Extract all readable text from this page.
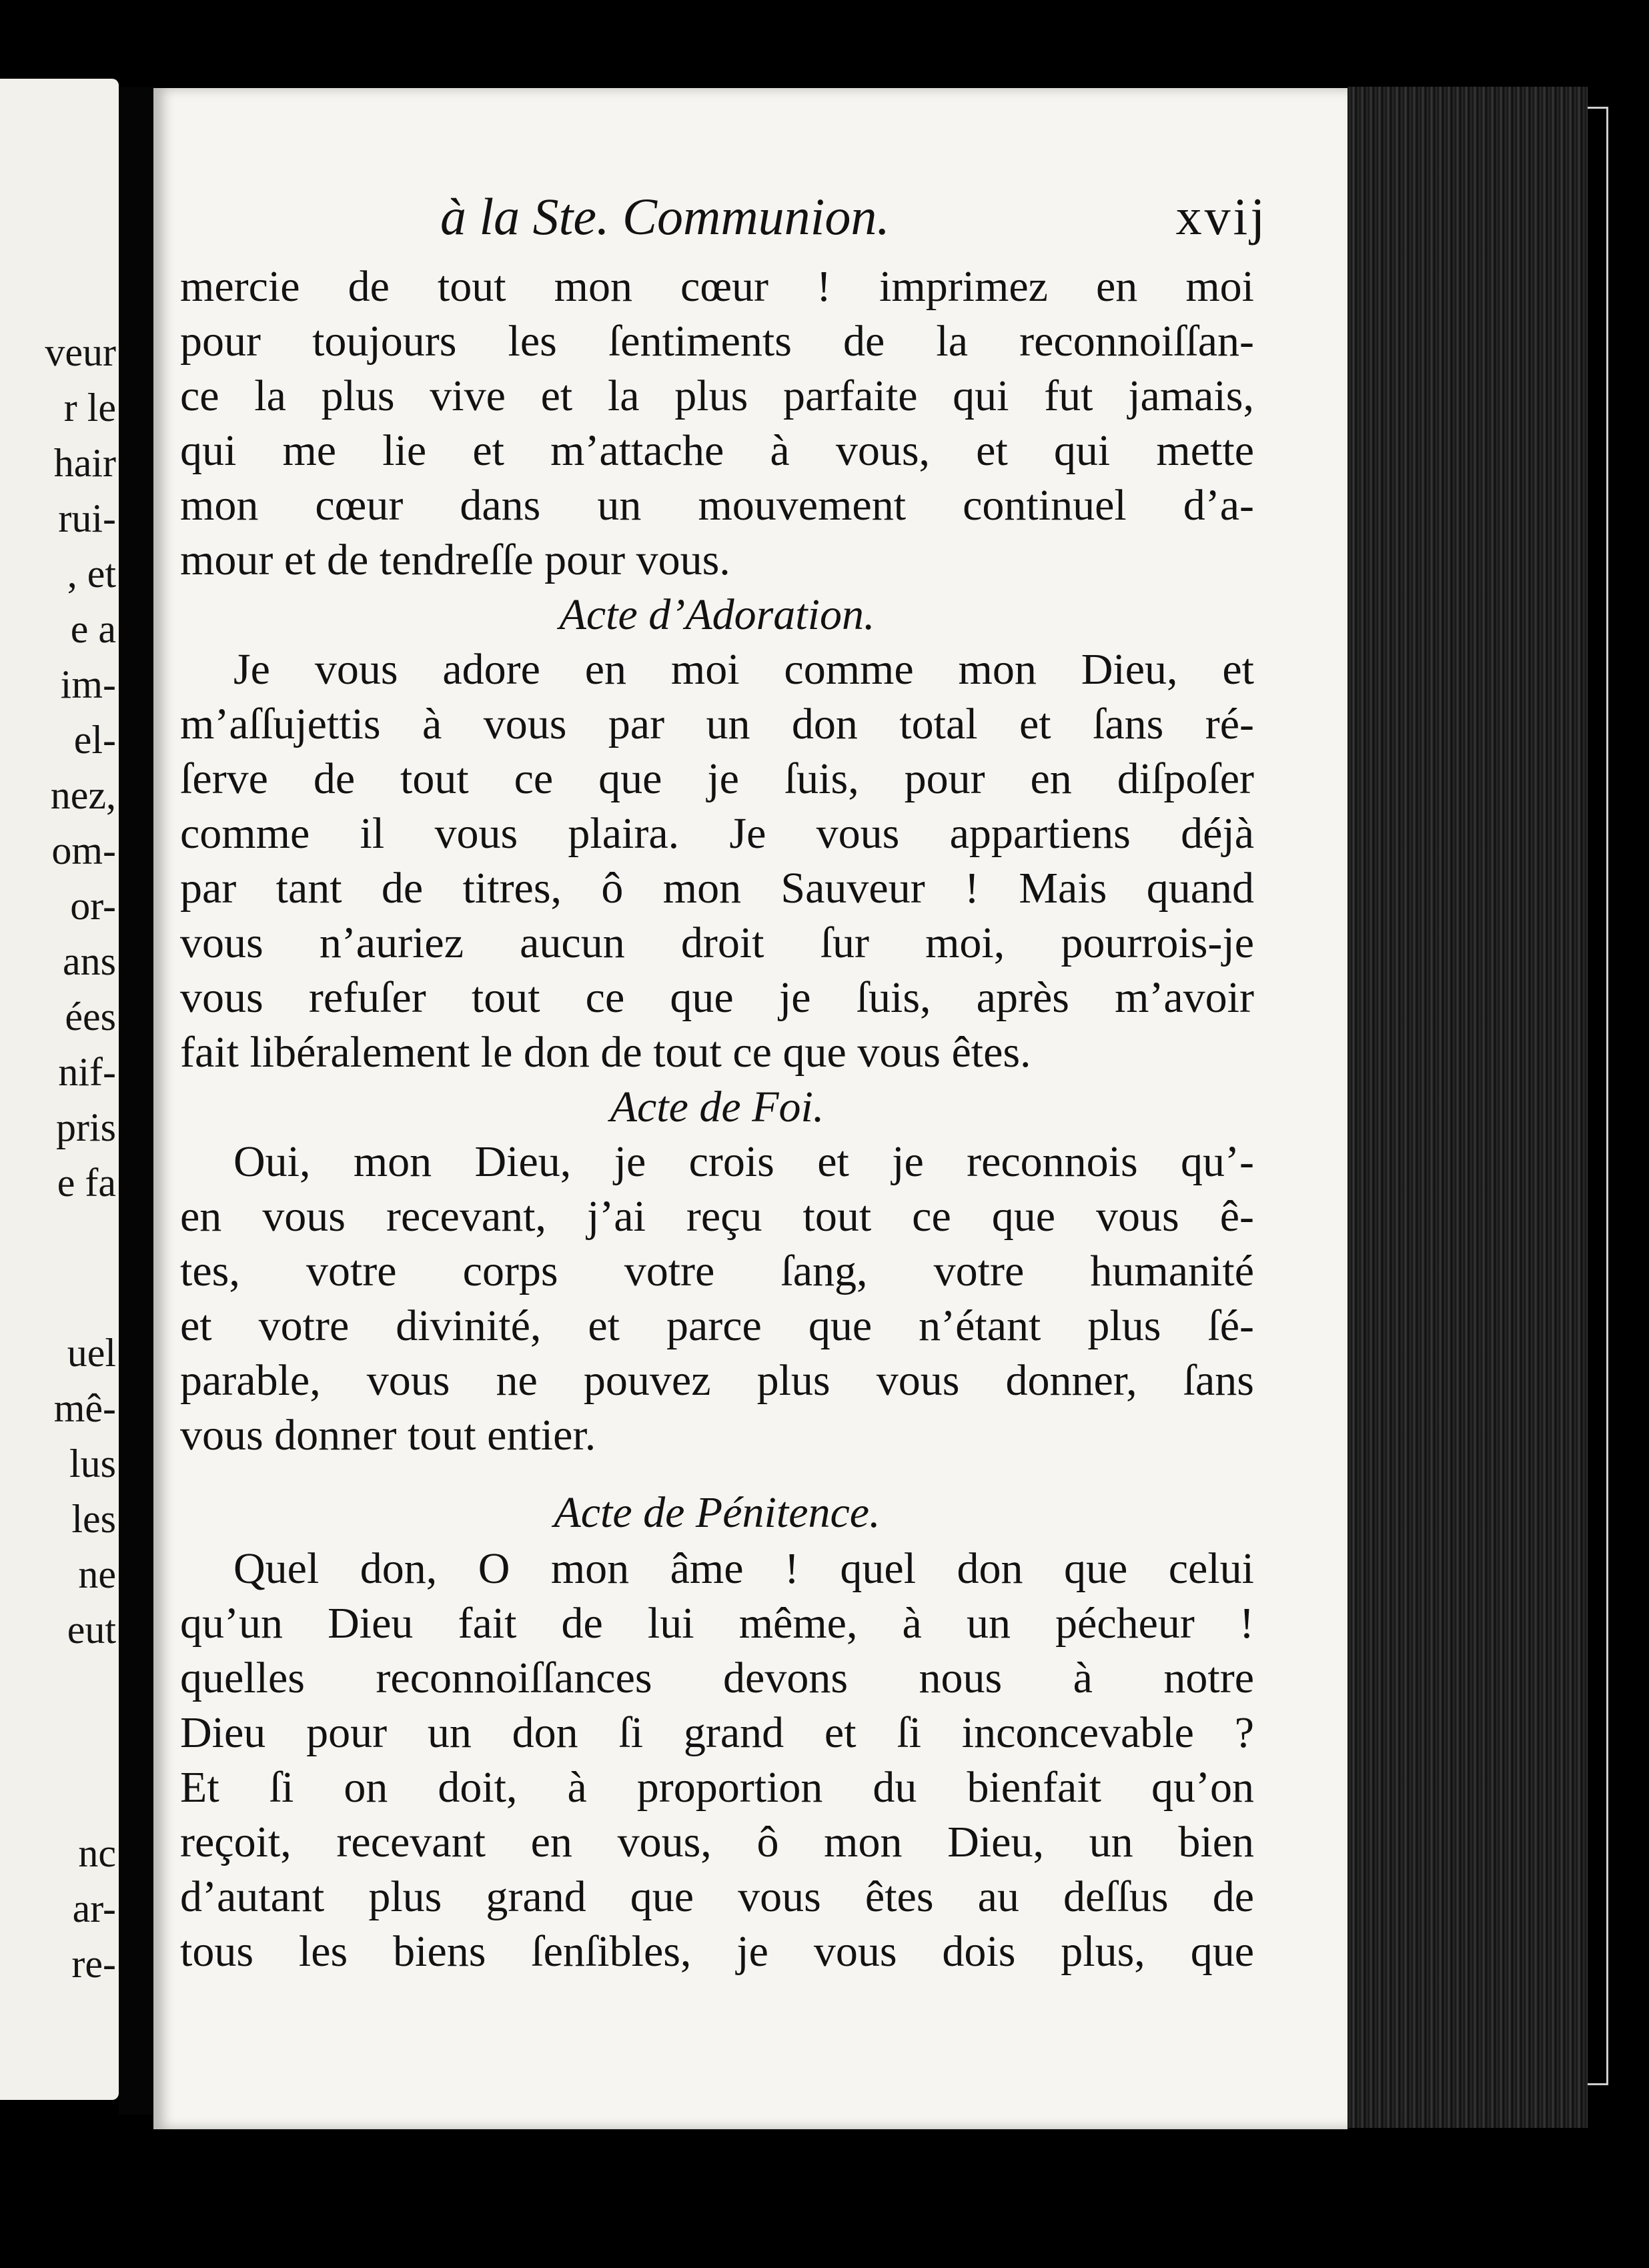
veur
r le
hair
rui-
, et
e a
im-
el-
nez,
om-
or-
ans
ées
nif-
pris
e fa
uel
mê-
lus
les
ne
eut
nc
ar-
re-
à la Ste. Communion.	xvij
mercie de tout mon cœur ! imprimez en moi
pour toujours les ſentiments de la reconnoiſſan-
ce la plus vive et la plus parfaite qui fut jamais,
qui me lie et m’attache à vous, et qui mette
mon cœur dans un mouvement continuel d’a-
mour et de tendreſſe pour vous.
Acte d’Adoration.
Je vous adore en moi comme mon Dieu, et
m’aſſujettis à vous par un don total et ſans ré-
ſerve de tout ce que je ſuis, pour en diſpoſer
comme il vous plaira. Je vous appartiens déjà
par tant de titres, ô mon Sauveur ! Mais quand
vous n’auriez aucun droit ſur moi, pourrois-je
vous refuſer tout ce que je ſuis, après m’avoir
fait libéralement le don de tout ce que vous êtes.
Acte de Foi.
Oui, mon Dieu, je crois et je reconnois qu’-
en vous recevant, j’ai reçu tout ce que vous ê-
tes, votre corps votre ſang, votre humanité
et votre divinité, et parce que n’étant plus ſé-
parable, vous ne pouvez plus vous donner, ſans
vous donner tout entier.
Acte de Pénitence.
Quel don, O mon âme ! quel don que celui
qu’un Dieu fait de lui même, à un pécheur !
quelles reconnoiſſances devons nous à notre
Dieu pour un don ſi grand et ſi inconcevable ?
Et ſi on doit, à proportion du bienfait qu’on
reçoit, recevant en vous, ô mon Dieu, un bien
d’autant plus grand que vous êtes au deſſus de
tous les biens ſenſibles, je vous dois plus, que
